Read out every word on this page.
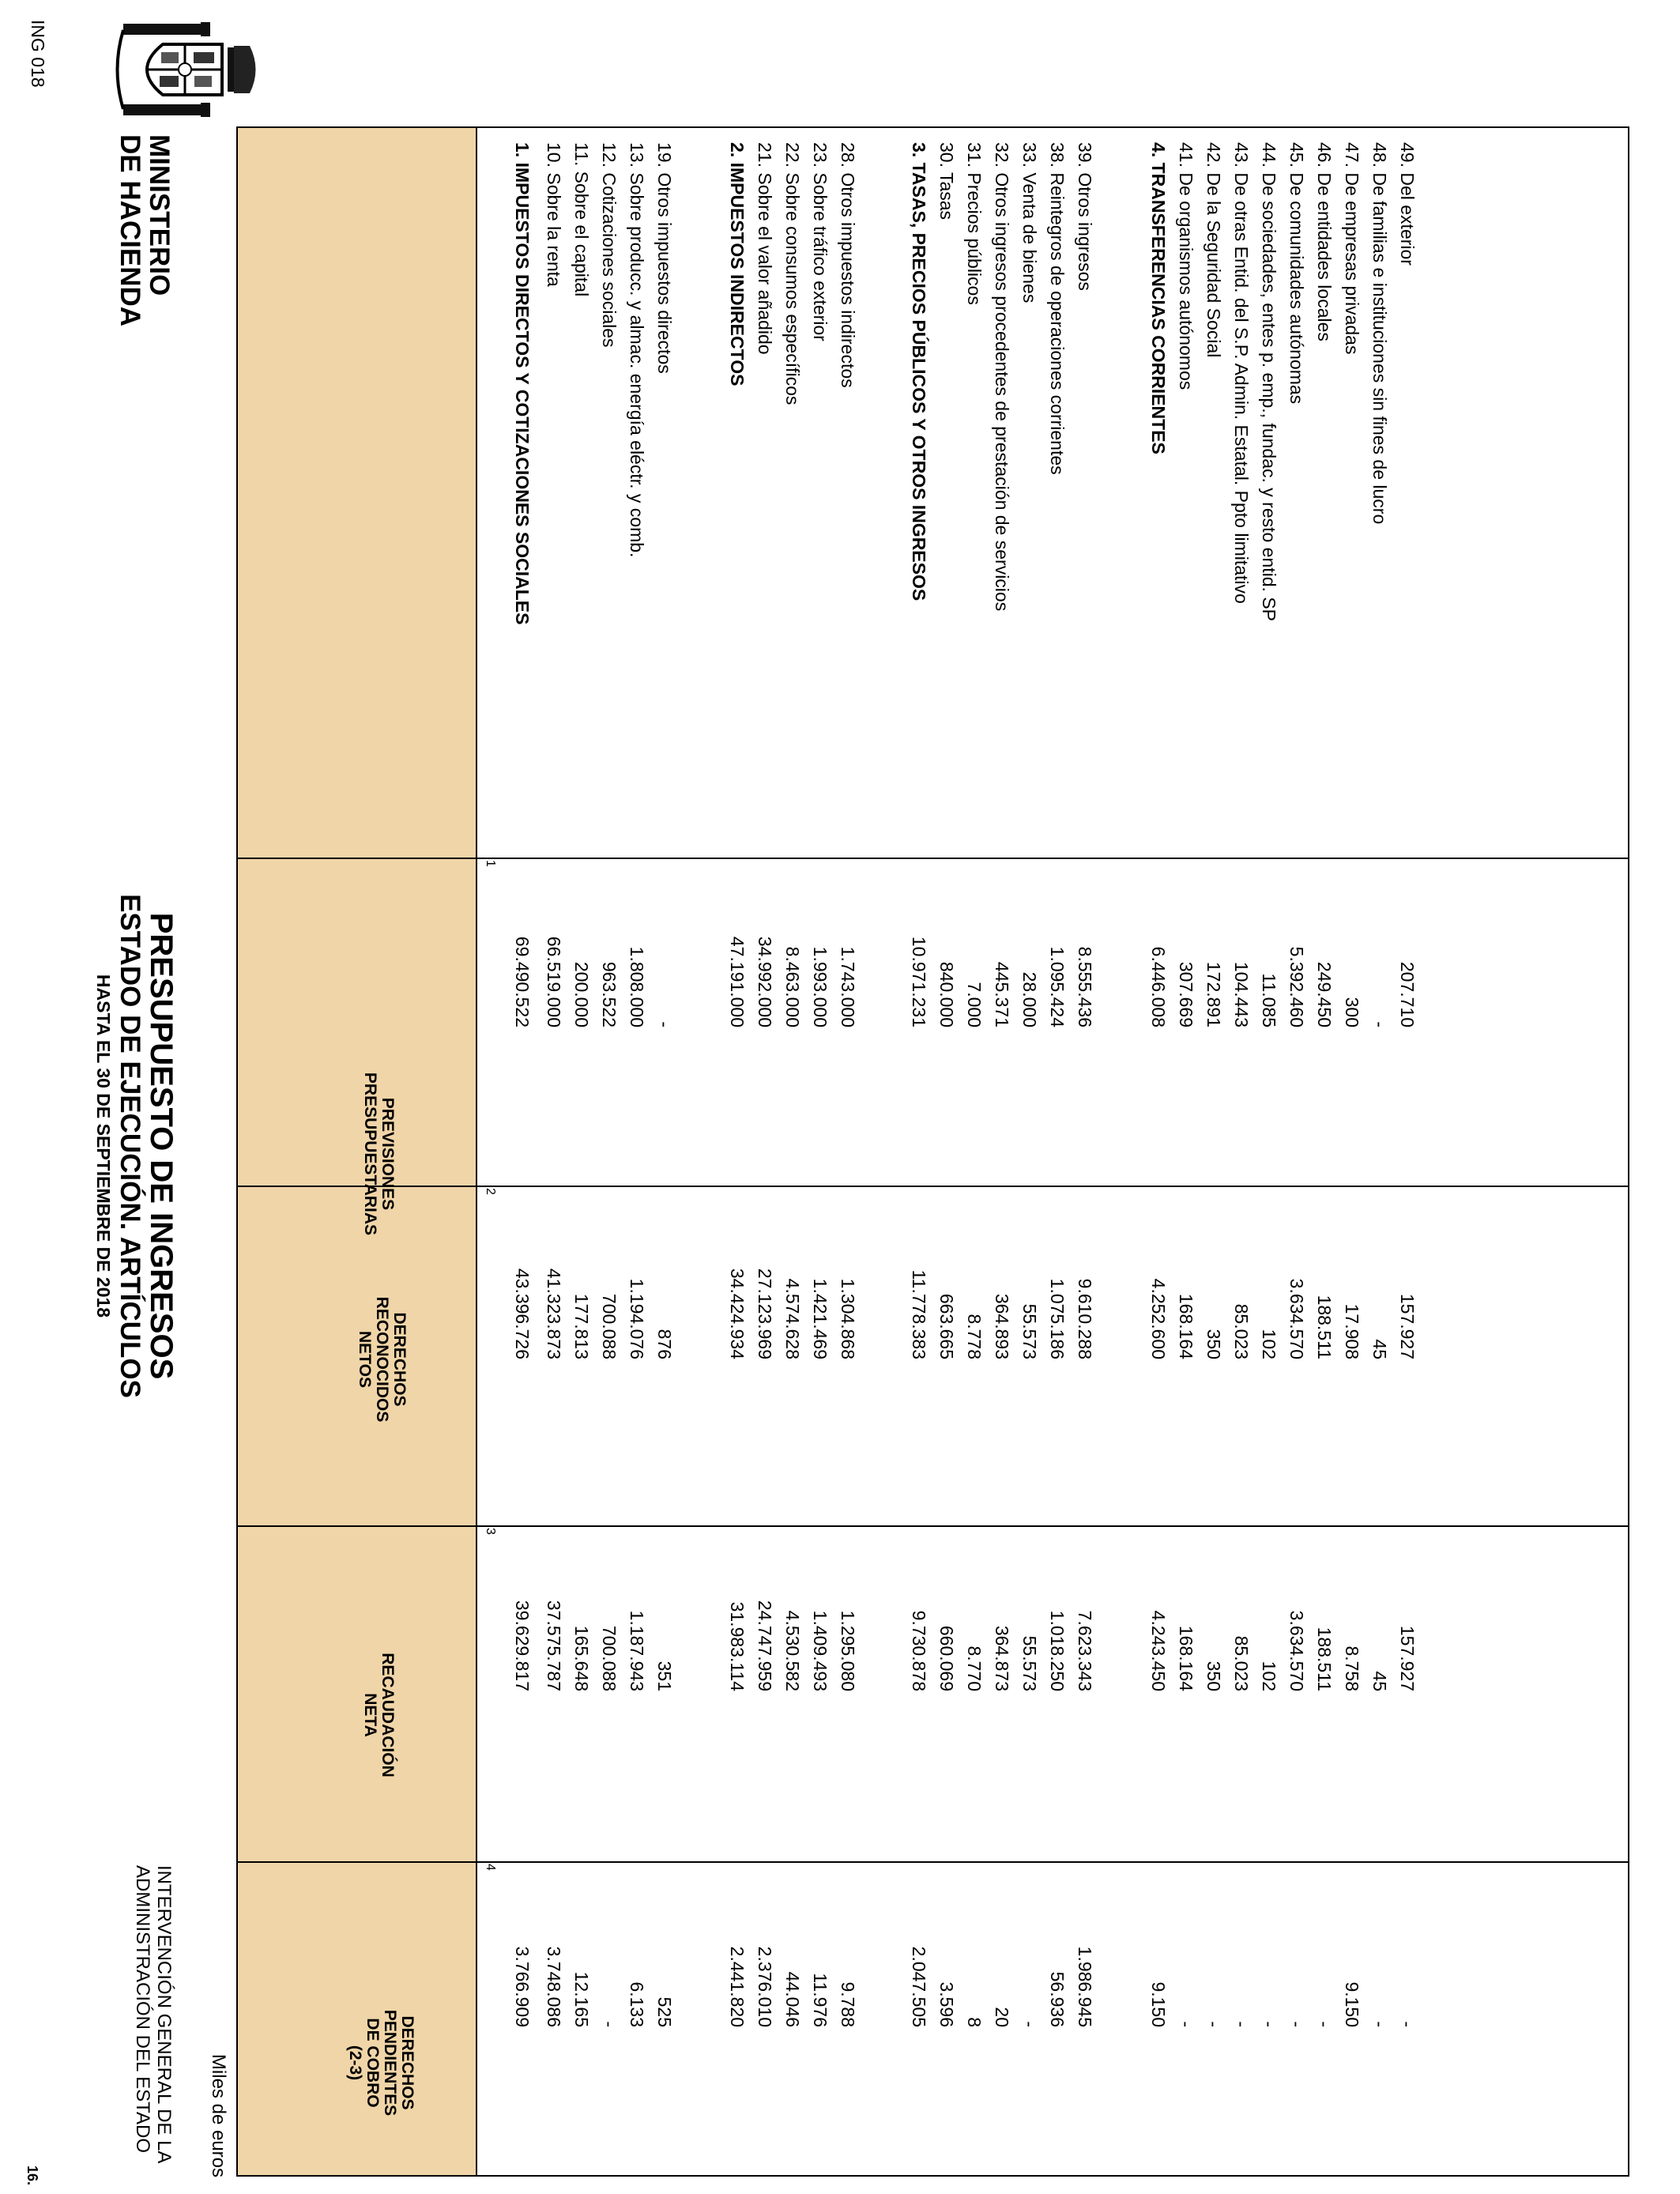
MINISTERIO
DE HACIENDA
PRESUPUESTO DE INGRESOS
ESTADO DE EJECUCIÓN. ARTÍCULOS
HASTA EL 30 DE SEPTIEMBRE DE 2018
INTERVENCIÓN GENERAL DE LA
ADMINISTRACIÓN DEL ESTADO
16.	Miles de euros
PREVISIONES
PRESUPUESTARIAS
DERECHOS
RECONOCIDOS
NETOS
RECAUDACIÓN
NETA
DERECHOS
PENDIENTES
DE COBRO
(2-3)
1
2
3
4
1. IMPUESTOS DIRECTOS Y COTIZACIONES SOCIALES
69.490.522
43.396.726
39.629.817
3.766.909
10. Sobre la renta
66.519.000
41.323.873
37.575.787
3.748.086
11. Sobre el capital
200.000
177.813
165.648
12.165
12. Cotizaciones sociales
963.522
700.088
700.088
-
13. Sobre producc. y almac. energía eléctr. y comb.
1.808.000
1.194.076
1.187.943
6.133
19. Otros impuestos directos
-
876
351
525
2. IMPUESTOS INDIRECTOS
47.191.000
34.424.934
31.983.114
2.441.820
21. Sobre el valor añadido
34.992.000
27.123.969
24.747.959
2.376.010
22. Sobre consumos específicos
8.463.000
4.574.628
4.530.582
44.046
23. Sobre tráfico exterior
1.993.000
1.421.469
1.409.493
11.976
28. Otros impuestos indirectos
1.743.000
1.304.868
1.295.080
9.788
3. TASAS, PRECIOS PÚBLICOS Y OTROS INGRESOS
10.971.231
11.778.383
9.730.878
2.047.505
30. Tasas
840.000
663.665
660.069
3.596
31. Precios públicos
7.000
8.778
8.770
8
32. Otros ingresos procedentes de prestación de servicios
445.371
364.893
364.873
20
33. Venta de bienes
28.000
55.573
55.573
-
38. Reintegros de operaciones corrientes
1.095.424
1.075.186
1.018.250
56.936
39. Otros ingresos
8.555.436
9.610.288
7.623.343
1.986.945
4. TRANSFERENCIAS CORRIENTES
6.446.008
4.252.600
4.243.450
9.150
41. De organismos autónomos
307.669
168.164
168.164
-
42. De la Seguridad Social
172.891
350
350
-
43. De otras Entid. del S.P. Admin. Estatal. Ppto limitativo
104.443
85.023
85.023
-
44. De sociedades, entes p. emp., fundac. y resto entid. SP
11.085
102
102
-
45. De comunidades autónomas
5.392.460
3.634.570
3.634.570
-
46. De entidades locales
249.450
188.511
188.511
-
47. De empresas privadas
300
17.908
8.758
9.150
48. De familias e instituciones sin fines de lucro
-
45
45
-
49. Del exterior
207.710
157.927
157.927
-
ING 018
